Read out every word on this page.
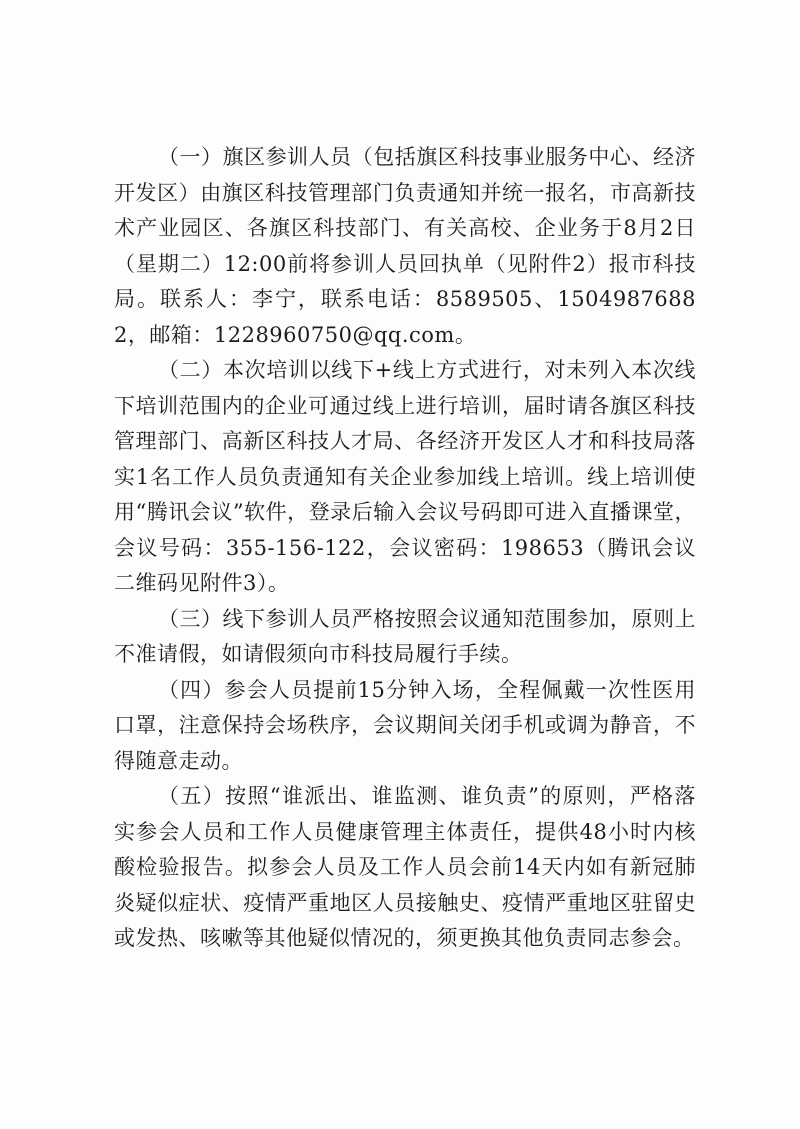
（一）旗区参训人员（包括旗区科技事业服务中心、经济开发区）由旗区科技管理部门负责通知并统一报名，市高新技术产业园区、各旗区科技部门、有关高校、企业务于8月2日（星期二）12:00前将参训人员回执单（见附件2）报市科技局。联系人：李宁，联系电话：8589505、15049876882，邮箱：1228960750@qq.com。

（二）本次培训以线下+线上方式进行，对未列入本次线下培训范围内的企业可通过线上进行培训，届时请各旗区科技管理部门、高新区科技人才局、各经济开发区人才和科技局落实1名工作人员负责通知有关企业参加线上培训。线上培训使用“腾讯会议”软件，登录后输入会议号码即可进入直播课堂，会议号码：355-156-122，会议密码：198653（腾讯会议二维码见附件3）。

（三）线下参训人员严格按照会议通知范围参加，原则上不准请假，如请假须向市科技局履行手续。

（四）参会人员提前15分钟入场，全程佩戴一次性医用口罩，注意保持会场秩序，会议期间关闭手机或调为静音，不得随意走动。

（五）按照“谁派出、谁监测、谁负责”的原则，严格落实参会人员和工作人员健康管理主体责任，提供48小时内核酸检验报告。拟参会人员及工作人员会前14天内如有新冠肺炎疑似症状、疫情严重地区人员接触史、疫情严重地区驻留史或发热、咳嗽等其他疑似情况的，须更换其他负责同志参会。
